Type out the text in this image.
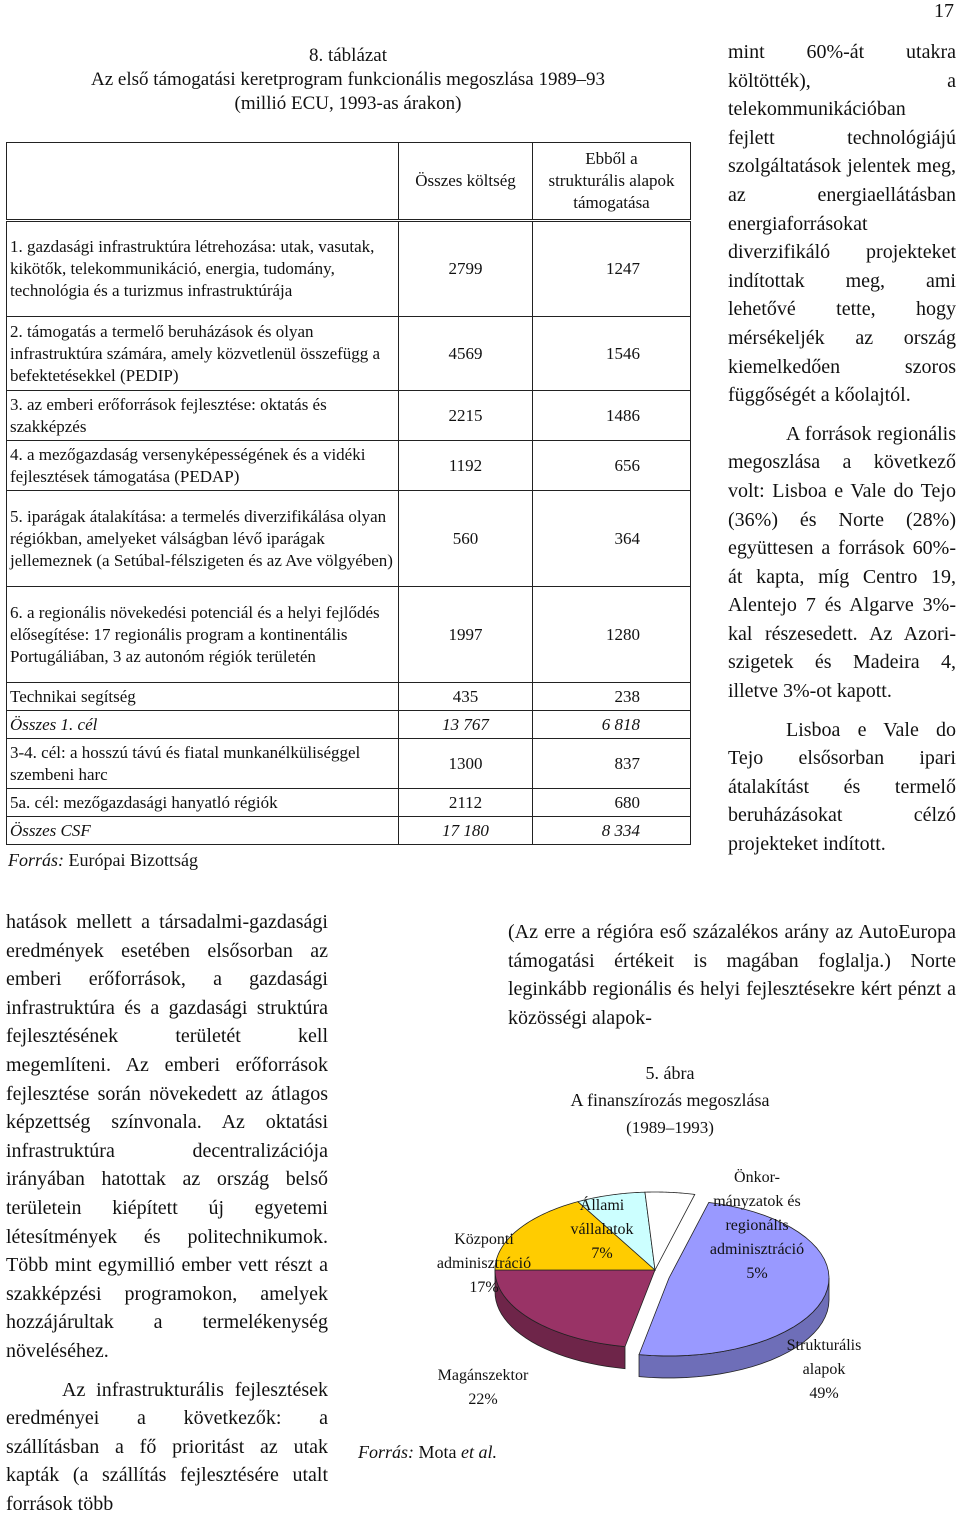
17
8. táblázat
Az első támogatási keretprogram funkcionális megoszlása 1989–93
(millió ECU, 1993-as árakon)
	Összes költség	Ebből a strukturális alapok támogatása
1. gazdasági infrastruktúra létrehozása: utak, vasutak, kikötők, telekommunikáció, energia, tudomány, technológia és a turizmus infrastruktúrája	2799	1247
2. támogatás a termelő beruházások és olyan infrastruktúra számára, amely közvetlenül összefügg a befektetésekkel (PEDIP)	4569	1546
3. az emberi erőforrások fejlesztése: oktatás és szakképzés	2215	1486
4. a mezőgazdaság versenyképességének és a vidéki fejlesztések támogatása (PEDAP)	1192	656
5. iparágak átalakítása: a termelés diverzifikálása olyan régiókban, amelyeket válságban lévő iparágak jellemeznek (a Setúbal-félszigeten és az Ave völgyében)	560	364
6. a regionális növekedési potenciál és a helyi fejlődés elősegítése: 17 regionális program a kontinentális Portugáliában, 3 az autonóm régiók területén	1997	1280
Technikai segítség	435	238
Összes 1. cél	13 767	6 818
3-4. cél: a hosszú távú és fiatal munkanélküliséggel szembeni harc	1300	837
5a. cél: mezőgazdasági hanyatló régiók	2112	680
Összes CSF	17 180	8 334
Forrás: Európai Bizottság

mint 60%-át utakra költötték), a telekommunikációban fejlett technológiájú szolgáltatások jelentek meg, az energiaellátásban energiaforrásokat diverzifikáló projekteket indítottak meg, ami lehetővé tette, hogy mérsékeljék az ország kiemelkedően szoros függőségét a kőolajtól.

A források regionális megoszlása a következő volt: Lisboa e Vale do Tejo (36%) és Norte (28%) együttesen a források 60%-át kapta, míg Centro 19, Alentejo 7 és Algarve 3%-kal részesedett. Az Azori-szigetek és Madeira 4, illetve 3%-ot kapott.

Lisboa e Vale do Tejo elsősorban ipari átalakítást és termelő beruházásokat célzó projekteket indított.

(Az erre a régióra eső százalékos arány az AutoEuropa támogatási értékeit is magában foglalja.) Norte leginkább regionális és helyi fejlesztésekre kért pénzt a közösségi alapok-

hatások mellett a társadalmi-gazdasági eredmények esetében elsősorban az emberi erőforrások, a gazdasági infrastruktúra és a gazdasági struktúra fejlesztésének területét kell megemlíteni. Az emberi erőforrások fejlesztése során növekedett az átlagos képzettség színvonala. Az oktatási infrastruktúra decentralizációja irányában hatottak az ország belső területein kiépített új egyetemi létesítmények és politechnikumok. Több mint egymillió ember vett részt a szakképzési programokon, amelyek hozzájárultak a termelékenység növeléséhez.

Az infrastrukturális fejlesztések eredményei a következők: a szállításban a fő prioritást az utak kapták (a szállítás fejlesztésére utalt források több

5. ábra
A finanszírozás megoszlása
(1989–1993)
Központi
adminisztráció
17%
Állami
vállalatok
7%
Önkor-
mányzatok és regionális adminisztráció
5%
Strukturális
alapok
49%
Magánszektor
22%
Forrás: Mota et al.
